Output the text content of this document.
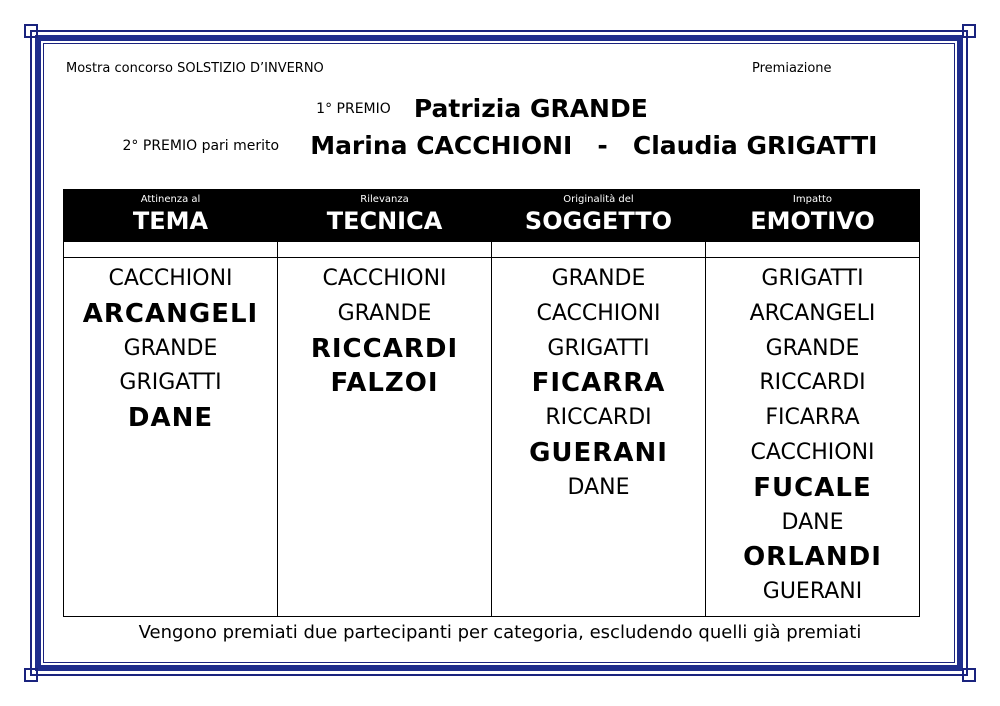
Mostra concorso SOLSTIZIO D’INVERNO	Premiazione
1° PREMIO Patrizia GRANDE
2° PREMIO pari merito Marina CACCHIONI - Claudia GRIGATTI
Attinenza al
TEMA
CACCHIONI
ARCANGELI
GRANDE
GRIGATTI
DANE
Rilevanza
TECNICA
CACCHIONI
GRANDE
RICCARDI
FALZOI
Originalità del
SOGGETTO
GRANDE
CACCHIONI
GRIGATTI
FICARRA
RICCARDI
GUERANI
DANE
Impatto
EMOTIVO
GRIGATTI
ARCANGELI
GRANDE
RICCARDI
FICARRA
CACCHIONI
FUCALE
DANE
ORLANDI
GUERANI
Vengono premiati due partecipanti per categoria, escludendo quelli già premiati
